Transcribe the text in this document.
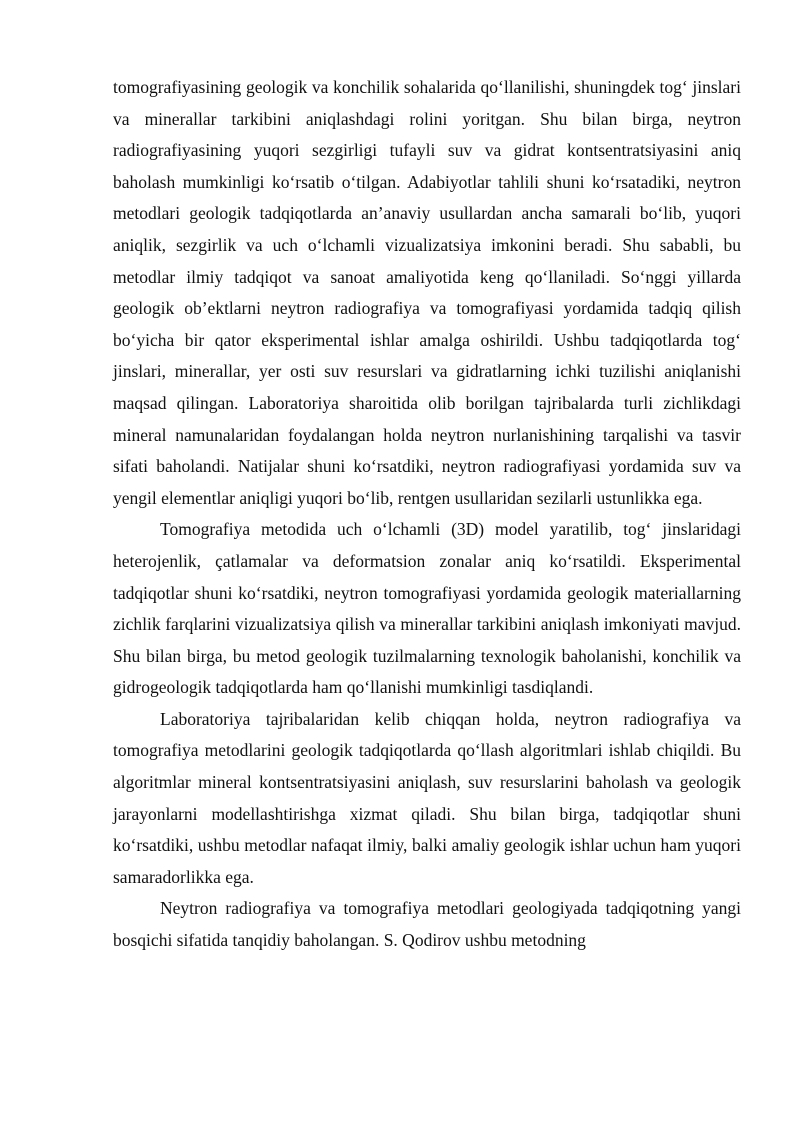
tomografiyasining geologik va konchilik sohalarida qo‘llanilishi, shuningdek tog‘ jinslari va minerallar tarkibini aniqlashdagi rolini yoritgan. Shu bilan birga, neytron radiografiyasining yuqori sezgirligi tufayli suv va gidrat kontsentratsiyasini aniq baholash mumkinligi ko‘rsatib o‘tilgan. Adabiyotlar tahlili shuni ko‘rsatadiki, neytron metodlari geologik tadqiqotlarda an’anaviy usullardan ancha samarali bo‘lib, yuqori aniqlik, sezgirlik va uch o‘lchamli vizualizatsiya imkonini beradi. Shu sababli, bu metodlar ilmiy tadqiqot va sanoat amaliyotida keng qo‘llaniladi. So‘nggi yillarda geologik ob’ektlarni neytron radiografiya va tomografiyasi yordamida tadqiq qilish bo‘yicha bir qator eksperimental ishlar amalga oshirildi. Ushbu tadqiqotlarda tog‘ jinslari, minerallar, yer osti suv resurslari va gidratlarning ichki tuzilishi aniqlanishi maqsad qilingan. Laboratoriya sharoitida olib borilgan tajribalarda turli zichlikdagi mineral namunalaridan foydalangan holda neytron nurlanishining tarqalishi va tasvir sifati baholandi. Natijalar shuni ko‘rsatdiki, neytron radiografiyasi yordamida suv va yengil elementlar aniqligi yuqori bo‘lib, rentgen usullaridan sezilarli ustunlikka ega.

Tomografiya metodida uch o‘lchamli (3D) model yaratilib, tog‘ jinslaridagi heterojenlik, çatlamalar va deformatsion zonalar aniq ko‘rsatildi. Eksperimental tadqiqotlar shuni ko‘rsatdiki, neytron tomografiyasi yordamida geologik materiallarning zichlik farqlarini vizualizatsiya qilish va minerallar tarkibini aniqlash imkoniyati mavjud. Shu bilan birga, bu metod geologik tuzilmalarning texnologik baholanishi, konchilik va gidrogeologik tadqiqotlarda ham qo‘llanishi mumkinligi tasdiqlandi.

Laboratoriya tajribalaridan kelib chiqqan holda, neytron radiografiya va tomografiya metodlarini geologik tadqiqotlarda qo‘llash algoritmlari ishlab chiqildi. Bu algoritmlar mineral kontsentratsiyasini aniqlash, suv resurslarini baholash va geologik jarayonlarni modellashtirishga xizmat qiladi. Shu bilan birga, tadqiqotlar shuni ko‘rsatdiki, ushbu metodlar nafaqat ilmiy, balki amaliy geologik ishlar uchun ham yuqori samaradorlikka ega.

Neytron radiografiya va tomografiya metodlari geologiyada tadqiqotning yangi bosqichi sifatida tanqidiy baholangan. S. Qodirov ushbu metodning
